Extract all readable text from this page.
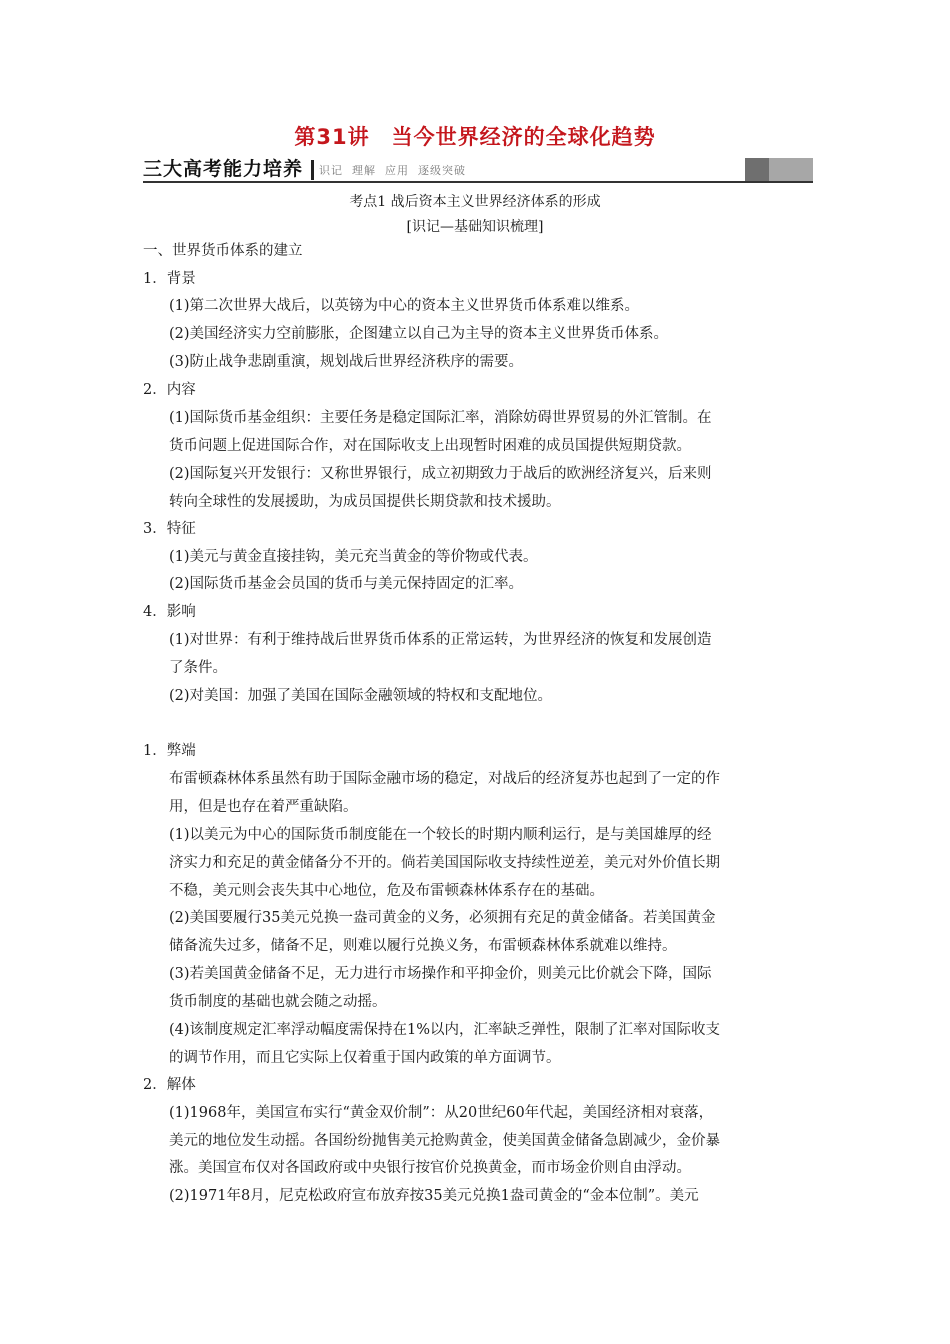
第31讲　当今世界经济的全球化趋势
三大高考能力培养 识记  理解  应用  逐级突破
考点1 战后资本主义世界经济体系的形成
[识记—基础知识梳理]
一、世界货币体系的建立
1．背景
(1)第二次世界大战后，以英镑为中心的资本主义世界货币体系难以维系。
(2)美国经济实力空前膨胀，企图建立以自己为主导的资本主义世界货币体系。
(3)防止战争悲剧重演，规划战后世界经济秩序的需要。
2．内容
(1)国际货币基金组织：主要任务是稳定国际汇率，消除妨碍世界贸易的外汇管制。在
货币问题上促进国际合作，对在国际收支上出现暂时困难的成员国提供短期贷款。
(2)国际复兴开发银行：又称世界银行，成立初期致力于战后的欧洲经济复兴，后来则
转向全球性的发展援助，为成员国提供长期贷款和技术援助。
3．特征
(1)美元与黄金直接挂钩，美元充当黄金的等价物或代表。
(2)国际货币基金会员国的货币与美元保持固定的汇率。
4．影响
(1)对世界：有利于维持战后世界货币体系的正常运转，为世界经济的恢复和发展创造
了条件。
(2)对美国：加强了美国在国际金融领域的特权和支配地位。
1．弊端
布雷顿森林体系虽然有助于国际金融市场的稳定，对战后的经济复苏也起到了一定的作
用，但是也存在着严重缺陷。
(1)以美元为中心的国际货币制度能在一个较长的时期内顺利运行，是与美国雄厚的经
济实力和充足的黄金储备分不开的。倘若美国国际收支持续性逆差，美元对外价值长期
不稳，美元则会丧失其中心地位，危及布雷顿森林体系存在的基础。
(2)美国要履行35美元兑换一盎司黄金的义务，必须拥有充足的黄金储备。若美国黄金
储备流失过多，储备不足，则难以履行兑换义务，布雷顿森林体系就难以维持。
(3)若美国黄金储备不足，无力进行市场操作和平抑金价，则美元比价就会下降，国际
货币制度的基础也就会随之动摇。
(4)该制度规定汇率浮动幅度需保持在1%以内，汇率缺乏弹性，限制了汇率对国际收支
的调节作用，而且它实际上仅着重于国内政策的单方面调节。
2．解体
(1)1968年，美国宣布实行“黄金双价制”：从20世纪60年代起，美国经济相对衰落，
美元的地位发生动摇。各国纷纷抛售美元抢购黄金，使美国黄金储备急剧减少，金价暴
涨。美国宣布仅对各国政府或中央银行按官价兑换黄金，而市场金价则自由浮动。
(2)1971年8月，尼克松政府宣布放弃按35美元兑换1盎司黄金的“金本位制”。美元
